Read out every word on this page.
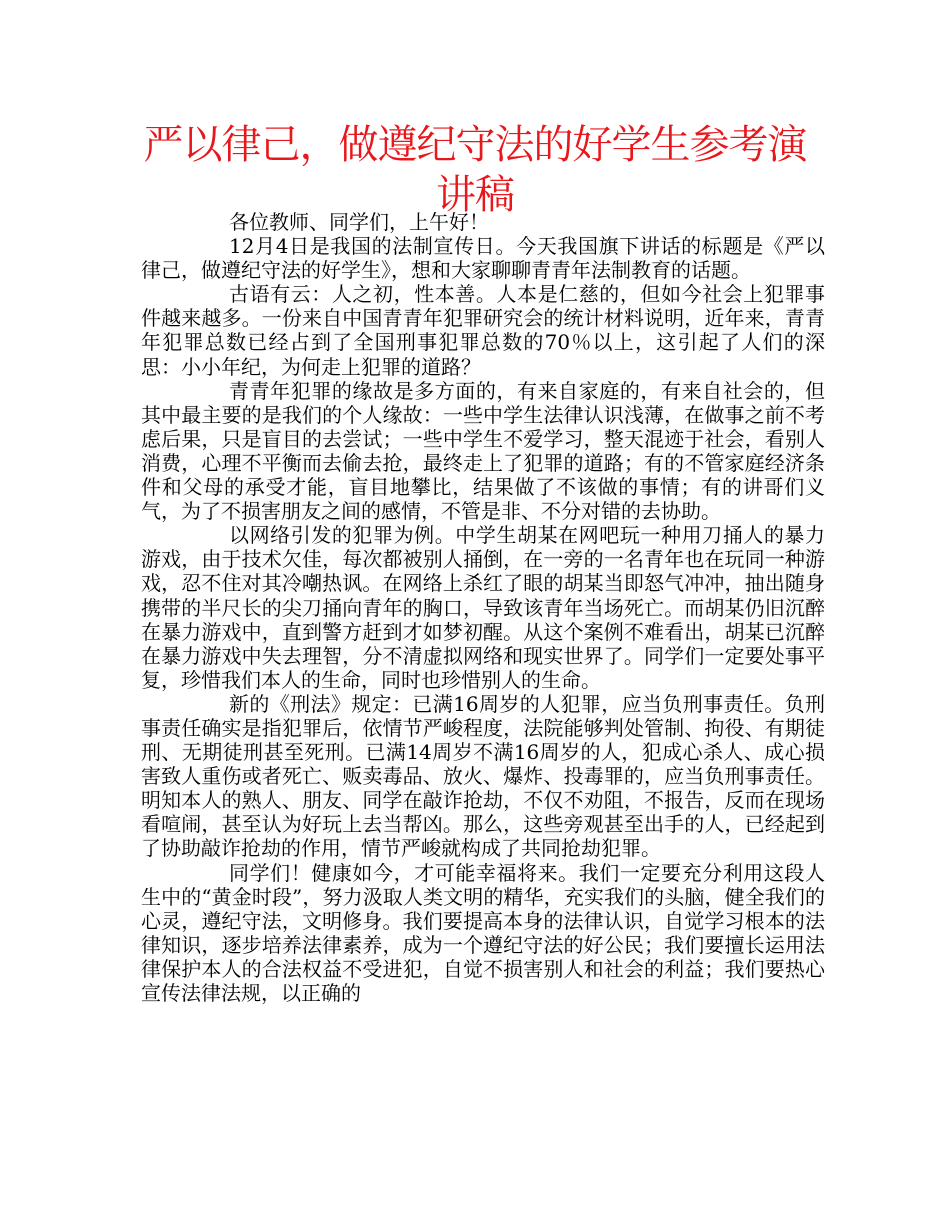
严以律己，做遵纪守法的好学生参考演讲稿

各位教师、同学们，上午好！

12月4日是我国的法制宣传日。今天我国旗下讲话的标题是《严以律己，做遵纪守法的好学生》，想和大家聊聊青青年法制教育的话题。

古语有云：人之初，性本善。人本是仁慈的，但如今社会上犯罪事件越来越多。一份来自中国青青年犯罪研究会的统计材料说明，近年来，青青年犯罪总数已经占到了全国刑事犯罪总数的70％以上，这引起了人们的深思：小小年纪，为何走上犯罪的道路？

青青年犯罪的缘故是多方面的，有来自家庭的，有来自社会的，但其中最主要的是我们的个人缘故：一些中学生法律认识浅薄，在做事之前不考虑后果，只是盲目的去尝试；一些中学生不爱学习，整天混迹于社会，看别人消费，心理不平衡而去偷去抢，最终走上了犯罪的道路；有的不管家庭经济条件和父母的承受才能，盲目地攀比，结果做了不该做的事情；有的讲哥们义气，为了不损害朋友之间的感情，不管是非、不分对错的去协助。

以网络引发的犯罪为例。中学生胡某在网吧玩一种用刀捅人的暴力游戏，由于技术欠佳，每次都被别人捅倒，在一旁的一名青年也在玩同一种游戏，忍不住对其冷嘲热讽。在网络上杀红了眼的胡某当即怒气冲冲，抽出随身携带的半尺长的尖刀捅向青年的胸口，导致该青年当场死亡。而胡某仍旧沉醉在暴力游戏中，直到警方赶到才如梦初醒。从这个案例不难看出，胡某已沉醉在暴力游戏中失去理智，分不清虚拟网络和现实世界了。同学们一定要处事平复，珍惜我们本人的生命，同时也珍惜别人的生命。

新的《刑法》规定：已满16周岁的人犯罪，应当负刑事责任。负刑事责任确实是指犯罪后，依情节严峻程度，法院能够判处管制、拘役、有期徒刑、无期徒刑甚至死刑。已满14周岁不满16周岁的人，犯成心杀人、成心损害致人重伤或者死亡、贩卖毒品、放火、爆炸、投毒罪的，应当负刑事责任。明知本人的熟人、朋友、同学在敲诈抢劫，不仅不劝阻，不报告，反而在现场看喧闹，甚至认为好玩上去当帮凶。那么，这些旁观甚至出手的人，已经起到了协助敲诈抢劫的作用，情节严峻就构成了共同抢劫犯罪。

同学们！健康如今，才可能幸福将来。我们一定要充分利用这段人生中的“黄金时段”，努力汲取人类文明的精华，充实我们的头脑，健全我们的心灵，遵纪守法，文明修身。我们要提高本身的法律认识，自觉学习根本的法律知识，逐步培养法律素养，成为一个遵纪守法的好公民；我们要擅长运用法律保护本人的合法权益不受进犯，自觉不损害别人和社会的利益；我们要热心宣传法律法规，以正确的
